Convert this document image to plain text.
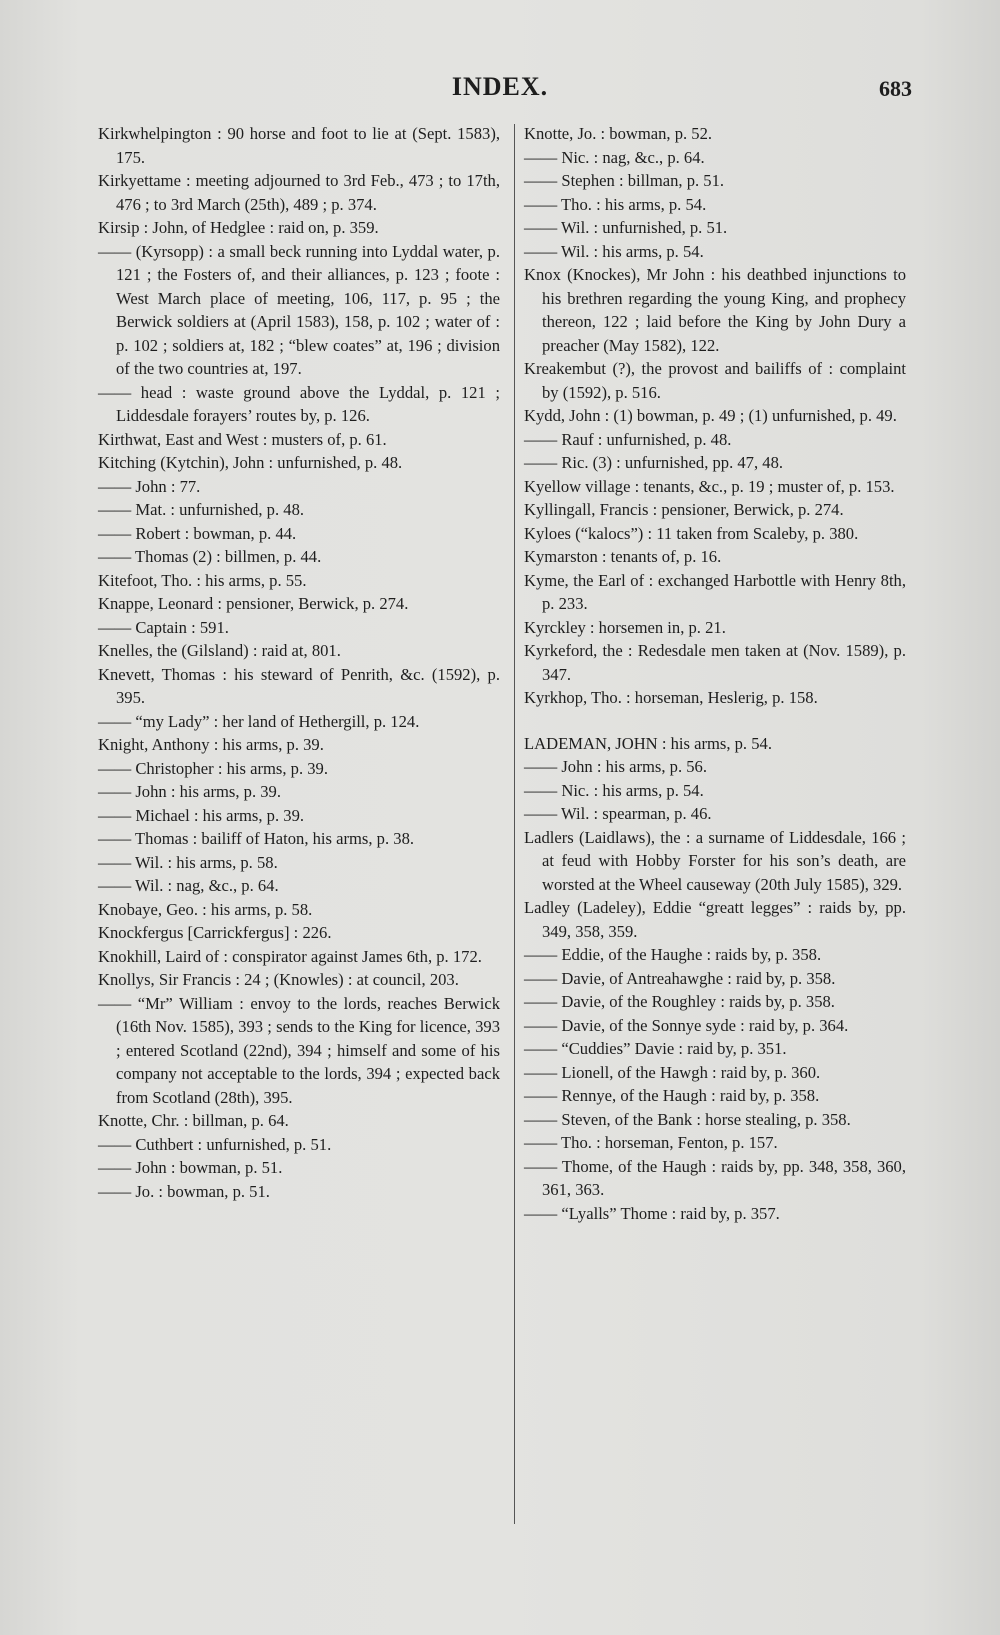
INDEX.	683
Kirkwhelpington : 90 horse and foot to lie at (Sept. 1583), 175.
Kirkyettame : meeting adjourned to 3rd Feb., 473 ; to 17th, 476 ; to 3rd March (25th), 489 ; p. 374.
Kirsip : John, of Hedglee : raid on, p. 359.
—— (Kyrsopp) : a small beck running into Lyddal water, p. 121 ; the Fosters of, and their alliances, p. 123 ; foote : West March place of meeting, 106, 117, p. 95 ; the Berwick soldiers at (April 1583), 158, p. 102 ; water of : p. 102 ; soldiers at, 182 ; “blew coates” at, 196 ; division of the two countries at, 197.
—— head : waste ground above the Lyddal, p. 121 ; Liddesdale forayers’ routes by, p. 126.
Kirthwat, East and West : musters of, p. 61.
Kitching (Kytchin), John : unfurnished, p. 48.
—— John : 77.
—— Mat. : unfurnished, p. 48.
—— Robert : bowman, p. 44.
—— Thomas (2) : billmen, p. 44.
Kitefoot, Tho. : his arms, p. 55.
Knappe, Leonard : pensioner, Berwick, p. 274.
—— Captain : 591.
Knelles, the (Gilsland) : raid at, 801.
Knevett, Thomas : his steward of Penrith, &c. (1592), p. 395.
—— “my Lady” : her land of Hethergill, p. 124.
Knight, Anthony : his arms, p. 39.
—— Christopher : his arms, p. 39.
—— John : his arms, p. 39.
—— Michael : his arms, p. 39.
—— Thomas : bailiff of Haton, his arms, p. 38.
—— Wil. : his arms, p. 58.
—— Wil. : nag, &c., p. 64.
Knobaye, Geo. : his arms, p. 58.
Knockfergus [Carrickfergus] : 226.
Knokhill, Laird of : conspirator against James 6th, p. 172.
Knollys, Sir Francis : 24 ; (Knowles) : at council, 203.
—— “Mr” William : envoy to the lords, reaches Berwick (16th Nov. 1585), 393 ; sends to the King for licence, 393 ; entered Scotland (22nd), 394 ; himself and some of his company not acceptable to the lords, 394 ; expected back from Scotland (28th), 395.
Knotte, Chr. : billman, p. 64.
—— Cuthbert : unfurnished, p. 51.
—— John : bowman, p. 51.
—— Jo. : bowman, p. 51.
Knotte, Jo. : bowman, p. 52.
—— Nic. : nag, &c., p. 64.
—— Stephen : billman, p. 51.
—— Tho. : his arms, p. 54.
—— Wil. : unfurnished, p. 51.
—— Wil. : his arms, p. 54.
Knox (Knockes), Mr John : his deathbed injunctions to his brethren regarding the young King, and prophecy thereon, 122 ; laid before the King by John Dury a preacher (May 1582), 122.
Kreakembut (?), the provost and bailiffs of : complaint by (1592), p. 516.
Kydd, John : (1) bowman, p. 49 ; (1) unfurnished, p. 49.
—— Rauf : unfurnished, p. 48.
—— Ric. (3) : unfurnished, pp. 47, 48.
Kyellow village : tenants, &c., p. 19 ; muster of, p. 153.
Kyllingall, Francis : pensioner, Berwick, p. 274.
Kyloes (“kalocs”) : 11 taken from Scaleby, p. 380.
Kymarston : tenants of, p. 16.
Kyme, the Earl of : exchanged Harbottle with Henry 8th, p. 233.
Kyrckley : horsemen in, p. 21.
Kyrkeford, the : Redesdale men taken at (Nov. 1589), p. 347.
Kyrkhop, Tho. : horseman, Heslerig, p. 158.
LADEMAN, JOHN : his arms, p. 54.
—— John : his arms, p. 56.
—— Nic. : his arms, p. 54.
—— Wil. : spearman, p. 46.
Ladlers (Laidlaws), the : a surname of Liddesdale, 166 ; at feud with Hobby Forster for his son’s death, are worsted at the Wheel causeway (20th July 1585), 329.
Ladley (Ladeley), Eddie “greatt legges” : raids by, pp. 349, 358, 359.
—— Eddie, of the Haughe : raids by, p. 358.
—— Davie, of Antreahawghe : raid by, p. 358.
—— Davie, of the Roughley : raids by, p. 358.
—— Davie, of the Sonnye syde : raid by, p. 364.
—— “Cuddies” Davie : raid by, p. 351.
—— Lionell, of the Hawgh : raid by, p. 360.
—— Rennye, of the Haugh : raid by, p. 358.
—— Steven, of the Bank : horse stealing, p. 358.
—— Tho. : horseman, Fenton, p. 157.
—— Thome, of the Haugh : raids by, pp. 348, 358, 360, 361, 363.
—— “Lyalls” Thome : raid by, p. 357.
